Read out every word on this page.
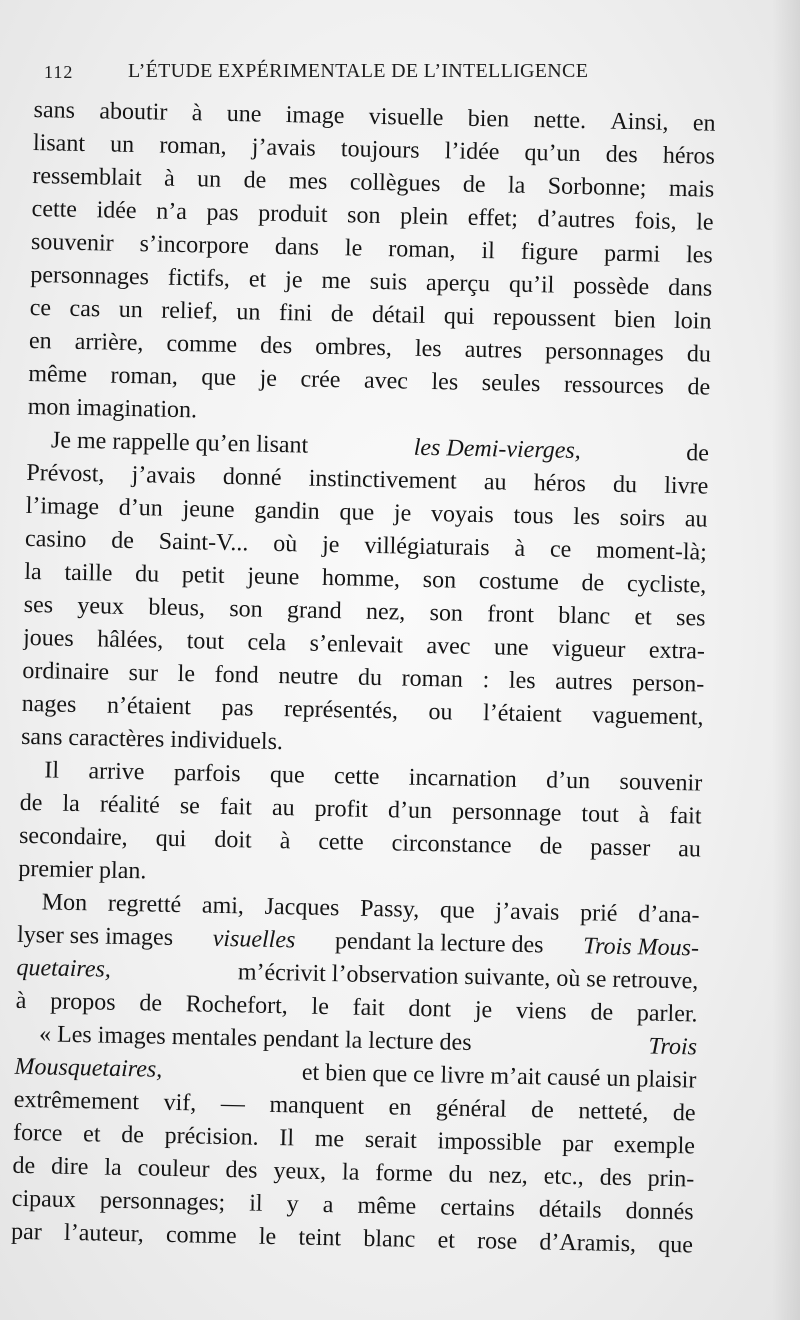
112	L’ÉTUDE EXPÉRIMENTALE DE L’INTELLIGENCE
sans aboutir à une image visuelle bien nette. Ainsi, en
lisant un roman, j’avais toujours l’idée qu’un des héros
ressemblait à un de mes collègues de la Sorbonne; mais
cette idée n’a pas produit son plein effet; d’autres fois, le
souvenir s’incorpore dans le roman, il figure parmi les
personnages fictifs, et je me suis aperçu qu’il possède dans
ce cas un relief, un fini de détail qui repoussent bien loin
en arrière, comme des ombres, les autres personnages du
même roman, que je crée avec les seules ressources de
mon imagination.
Je me rappelle qu’en lisant	les Demi-vierges,	de
Prévost, j’avais donné instinctivement au héros du livre
l’image d’un jeune gandin que je voyais tous les soirs au
casino de Saint-V... où je villégiaturais à ce moment-là;
la taille du petit jeune homme, son costume de cycliste,
ses yeux bleus, son grand nez, son front blanc et ses
joues hâlées, tout cela s’enlevait avec une vigueur extra-
ordinaire sur le fond neutre du roman : les autres person-
nages n’étaient pas représentés, ou l’étaient vaguement,
sans caractères individuels.
Il arrive parfois que cette incarnation d’un souvenir
de la réalité se fait au profit d’un personnage tout à fait
secondaire, qui doit à cette circonstance de passer au
premier plan.
Mon regretté ami, Jacques Passy, que j’avais prié d’ana-
lyser ses images visuelles pendant la lecture des Trois Mous-
quetaires,	m’écrivit l’observation suivante, où se retrouve,
à propos de Rochefort, le fait dont je viens de parler.
« Les images mentales pendant la lecture des	Trois
Mousquetaires,	et bien que ce livre m’ait causé un plaisir
extrêmement vif, — manquent en général de netteté, de
force et de précision. Il me serait impossible par exemple
de dire la couleur des yeux, la forme du nez, etc., des prin-
cipaux personnages; il y a même certains détails donnés
par l’auteur, comme le teint blanc et rose d’Aramis, que
